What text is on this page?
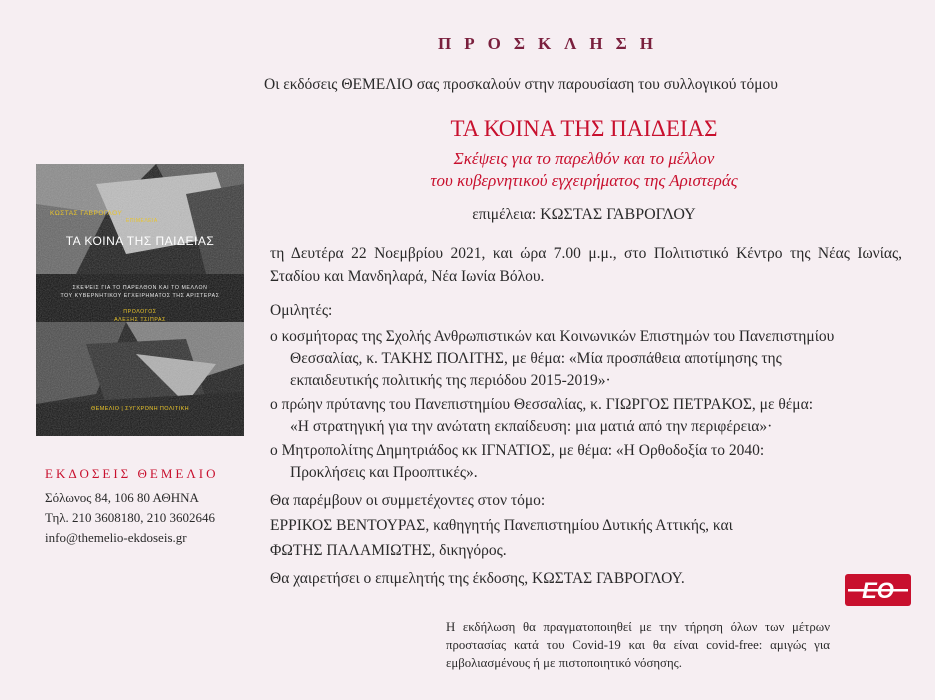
ΠΡΟΣΚΛΗΣΗ
Οι εκδόσεις ΘΕΜΕΛΙΟ σας προσκαλούν στην παρουσίαση του συλλογικού τόμου
ΤΑ ΚΟΙΝΑ ΤΗΣ ΠΑΙΔΕΙΑΣ
Σκέψεις για το παρελθόν και το μέλλον
του κυβερνητικού εγχειρήματος της Αριστεράς
επιμέλεια: ΚΩΣΤΑΣ ΓΑΒΡΟΓΛΟΥ
τη Δευτέρα 22 Νοεμβρίου 2021, και ώρα 7.00 μ.μ., στο Πολιτιστικό Κέντρο της Νέας Ιωνίας, Σταδίου και Μανδηλαρά, Νέα Ιωνία Βόλου.
Ομιλητές:
ο κοσμήτορας της Σχολής Ανθρωπιστικών και Κοινωνικών Επιστημών του Πανεπιστημίου
Θεσσαλίας, κ. ΤΑΚΗΣ ΠΟΛΙΤΗΣ, με θέμα: «Μία προσπάθεια αποτίμησης της
εκπαιδευτικής πολιτικής της περιόδου 2015-2019»·
ο πρώην πρύτανης του Πανεπιστημίου Θεσσαλίας, κ. ΓΙΩΡΓΟΣ ΠΕΤΡΑΚΟΣ, με θέμα:
«Η στρατηγική για την ανώτατη εκπαίδευση: μια ματιά από την περιφέρεια»·
ο Μητροπολίτης Δημητριάδος κκ ΙΓΝΑΤΙΟΣ, με θέμα: «Η Ορθοδοξία το 2040:
Προκλήσεις και Προοπτικές».
Θα παρέμβουν οι συμμετέχοντες στον τόμο:
ΕΡΡΙΚΟΣ ΒΕΝΤΟΥΡΑΣ, καθηγητής Πανεπιστημίου Δυτικής Αττικής, και
ΦΩΤΗΣ ΠΑΛΑΜΙΩΤΗΣ, δικηγόρος.
Θα χαιρετήσει ο επιμελητής της έκδοσης, ΚΩΣΤΑΣ ΓΑΒΡΟΓΛΟΥ.
Η εκδήλωση θα πραγματοποιηθεί με την τήρηση όλων των μέτρων προστασίας κατά του Covid-19 και θα είναι covid-free: αμιγώς για εμβολιασμένους ή με πιστοποιητικό νόσησης.
ΚΩΣΤΑΣ ΓΑΒΡΟΓΛΟΥ
ΕΠΙΜΕΛΕΙΑ
ΤΑ ΚΟΙΝΑ ΤΗΣ ΠΑΙΔΕΙΑΣ
ΣΚΕΨΕΙΣ ΓΙΑ ΤΟ ΠΑΡΕΛΘΟΝ ΚΑΙ ΤΟ ΜΕΛΛΟΝ
ΤΟΥ ΚΥΒΕΡΝΗΤΙΚΟΥ ΕΓΧΕΙΡΗΜΑΤΟΣ ΤΗΣ ΑΡΙΣΤΕΡΑΣ
ΠΡΟΛΟΓΟΣ
ΑΛΕΞΗΣ ΤΣΙΠΡΑΣ
ΘΕΜΕΛΙΟ | ΣΥΓΧΡΟΝΗ ΠΟΛΙΤΙΚΗ
ΕΚΔΟΣΕΙΣ ΘΕΜΕΛΙΟ
Σόλωνος 84, 106 80 ΑΘΗΝΑ
Τηλ. 210 3608180, 210 3602646
info@themelio-ekdoseis.gr
ΕΘ
